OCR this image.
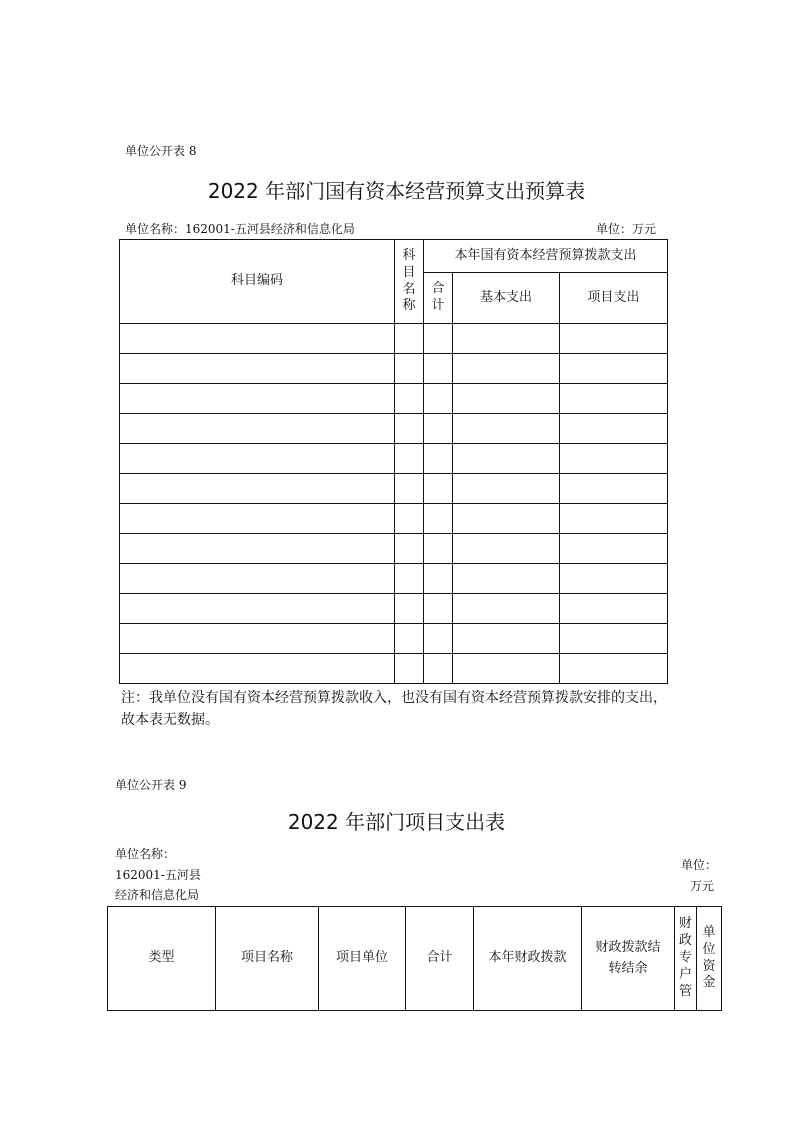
单位公开表 8
2022 年部门国有资本经营预算支出预算表
单位名称：162001-五河县经济和信息化局	单位：万元
科目编码	科目名称	本年国有资本经营预算拨款支出		
		合计	基本支出	项目支出

注：我单位没有国有资本经营预算拨款收入，也没有国有资本经营预算拨款安排的支出，故本表无数据。
单位公开表 9
2022 年部门项目支出表
单位名称：
162001-五河县
经济和信息化局
单位：
万元
类型	项目名称	项目单位	合计	本年财政拨款	财政拨款结转结余	财政专户管	单位资金
